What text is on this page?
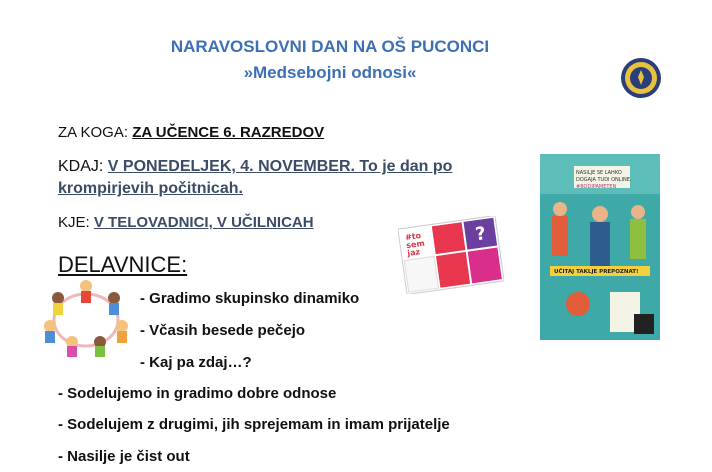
NARAVOSLOVNI DAN NA OŠ PUCONCI
»Medsebojni odnosi«
ZA KOGA: ZA UČENCE 6. RAZREDOV
KDAJ: V PONEDELJEK, 4. NOVEMBER. To je dan po
krompirjevih počitnicah.
KJE: V TELOVADNICI, V UČILNICAH
DELAVNICE:
- Gradimo skupinsko dinamiko
- Včasih besede pečejo
- Kaj pa zdaj…?
- Sodelujemo in gradimo dobre odnose
- Sodelujem z drugimi, jih sprejemam in imam prijatelje
- Nasilje je čist out
#to
sem
jaz
?
NASILJE SE LAHKO
DOGAJA TUDI ONLINE.
#BODIPAMETEN
UČITAJ TAKLJE PREPOZNAT!
